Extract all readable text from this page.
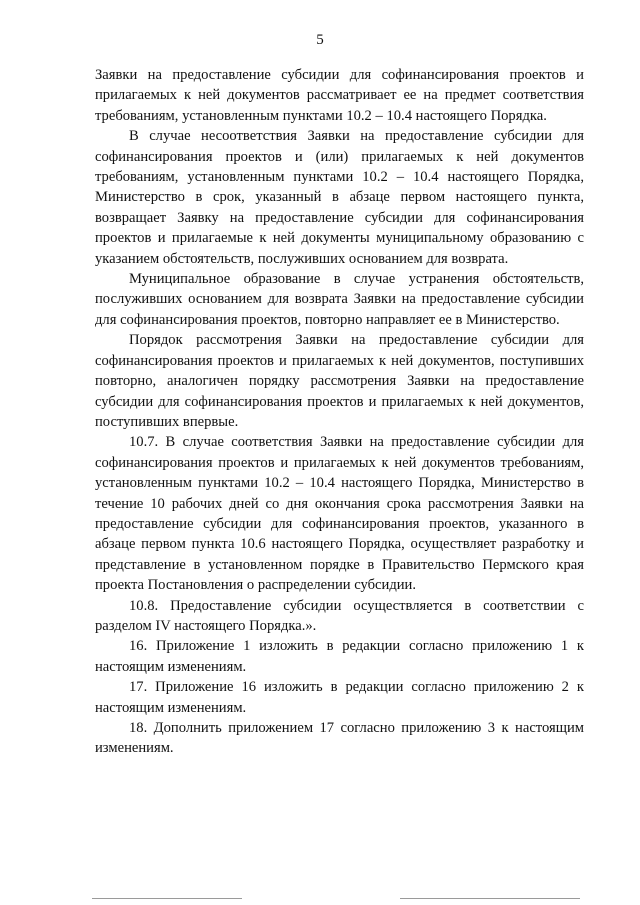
5

Заявки на предоставление субсидии для софинансирования проектов и прилагаемых к ней документов рассматривает ее на предмет соответствия требованиям, установленным пунктами 10.2 – 10.4 настоящего Порядка.

В случае несоответствия Заявки на предоставление субсидии для софинансирования проектов и (или) прилагаемых к ней документов требованиям, установленным пунктами 10.2 – 10.4 настоящего Порядка, Министерство в срок, указанный в абзаце первом настоящего пункта, возвращает Заявку на предоставление субсидии для софинансирования проектов и прилагаемые к ней документы муниципальному образованию с указанием обстоятельств, послуживших основанием для возврата.

Муниципальное образование в случае устранения обстоятельств, послуживших основанием для возврата Заявки на предоставление субсидии для софинансирования проектов, повторно направляет ее в Министерство.

Порядок рассмотрения Заявки на предоставление субсидии для софинансирования проектов и прилагаемых к ней документов, поступивших повторно, аналогичен порядку рассмотрения Заявки на предоставление субсидии для софинансирования проектов и прилагаемых к ней документов, поступивших впервые.

10.7. В случае соответствия Заявки на предоставление субсидии для софинансирования проектов и прилагаемых к ней документов требованиям, установленным пунктами 10.2 – 10.4 настоящего Порядка, Министерство в течение 10 рабочих дней со дня окончания срока рассмотрения Заявки на предоставление субсидии для софинансирования проектов, указанного в абзаце первом пункта 10.6 настоящего Порядка, осуществляет разработку и представление в установленном порядке в Правительство Пермского края проекта Постановления о распределении субсидии.

10.8. Предоставление субсидии осуществляется в соответствии с разделом IV настоящего Порядка.».

16. Приложение 1 изложить в редакции согласно приложению 1 к настоящим изменениям.

17. Приложение 16 изложить в редакции согласно приложению 2 к настоящим изменениям.

18. Дополнить приложением 17 согласно приложению 3 к настоящим изменениям.
